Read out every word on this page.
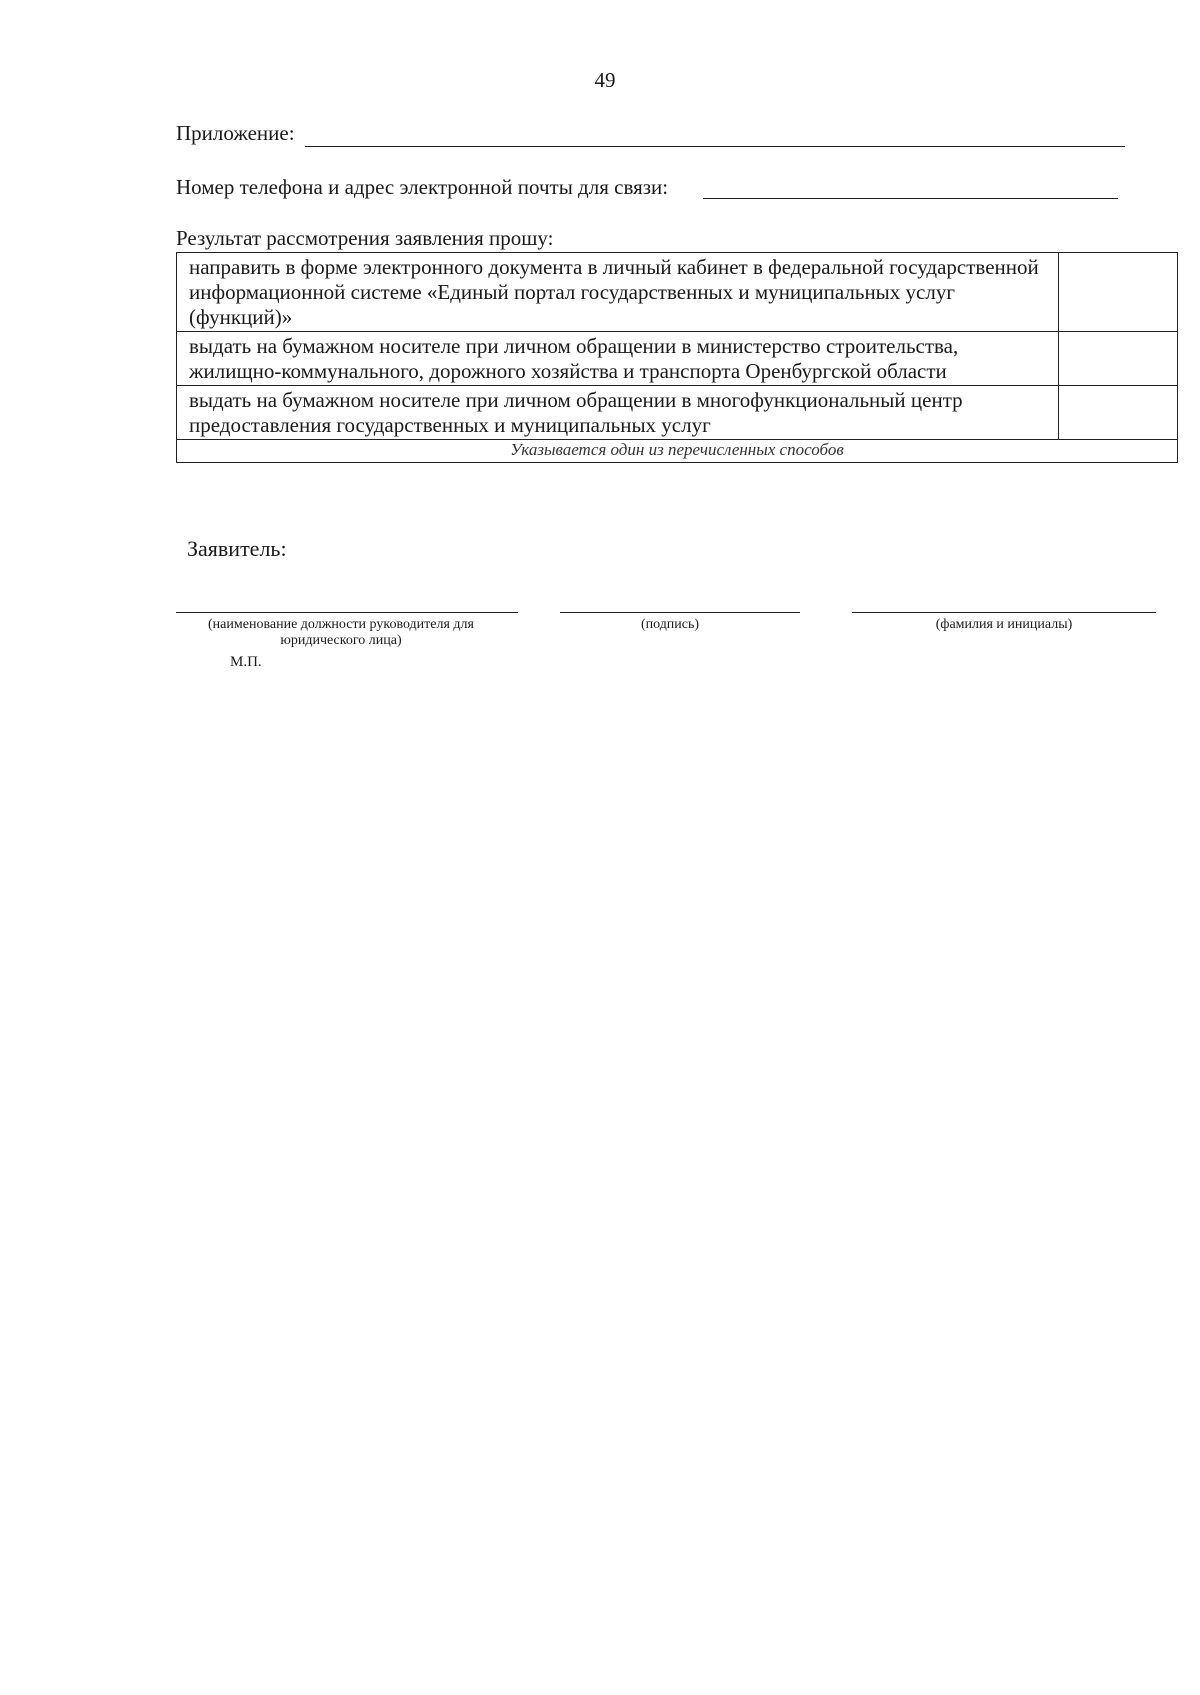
49
Приложение:
Номер телефона и адрес электронной почты для связи:
Результат рассмотрения заявления прошу:
направить в форме электронного документа в личный кабинет в федеральной государственной информационной системе «Единый портал государственных и муниципальных услуг (функций)»	
выдать на бумажном носителе при личном обращении в министерство строительства, жилищно-коммунального, дорожного хозяйства и транспорта Оренбургской области	
выдать на бумажном носителе при личном обращении в многофункциональный центр предоставления государственных и муниципальных услуг	
Указывается один из перечисленных способов	
Заявитель:
(наименование должности руководителя для юридического лица)
(подпись)	(фамилия и инициалы)
М.П.
